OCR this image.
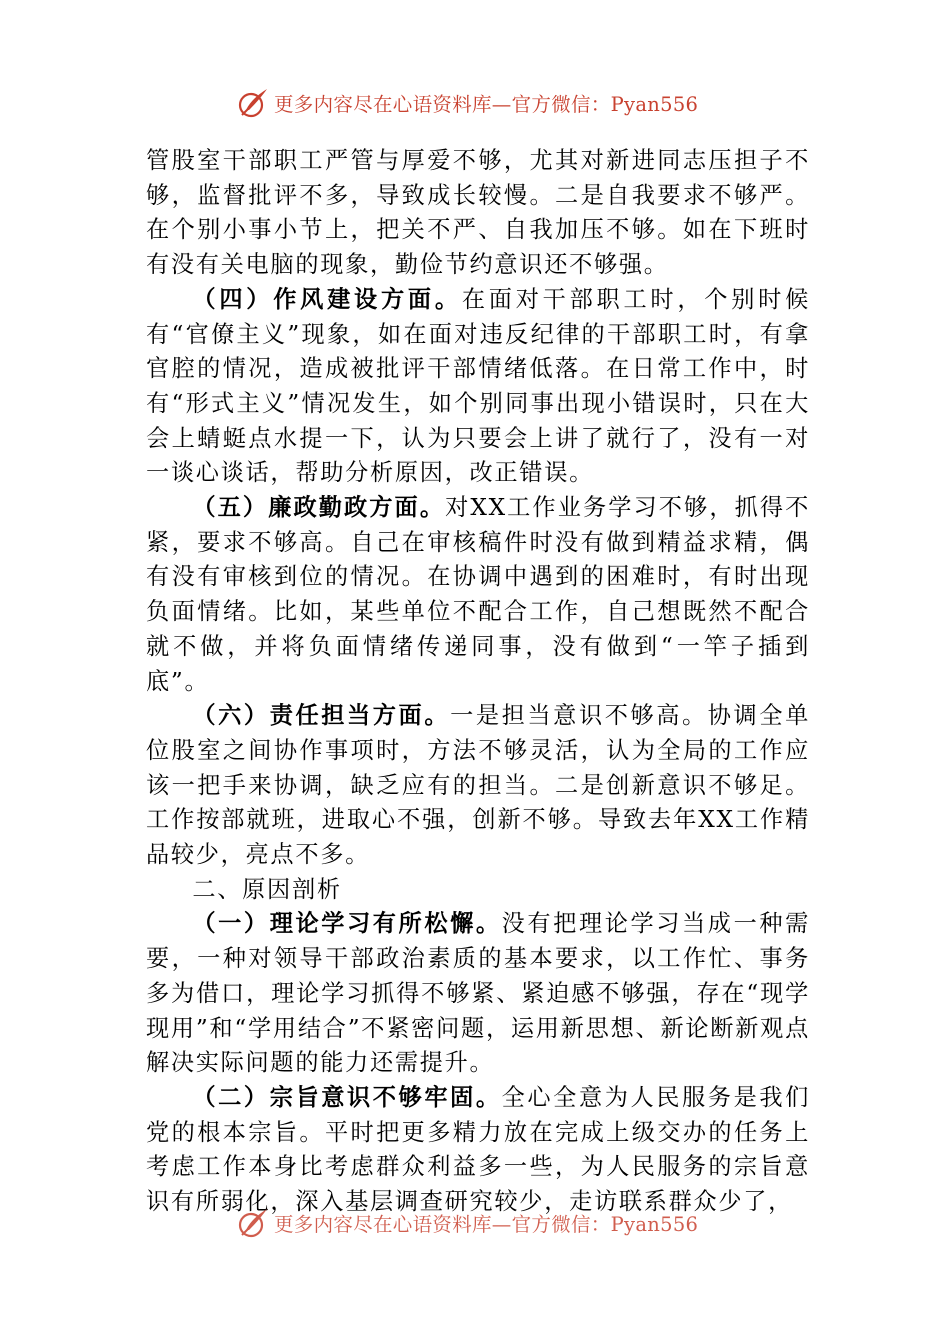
更多内容尽在心语资料库—官方微信：Pyan556

管股室干部职工严管与厚爱不够，尤其对新进同志压担子不够，监督批评不多，导致成长较慢。二是自我要求不够严。在个别小事小节上，把关不严、自我加压不够。如在下班时有没有关电脑的现象，勤俭节约意识还不够强。

（四）作风建设方面。在面对干部职工时，个别时候有“官僚主义”现象，如在面对违反纪律的干部职工时，有拿官腔的情况，造成被批评干部情绪低落。在日常工作中，时有“形式主义”情况发生，如个别同事出现小错误时，只在大会上蜻蜓点水提一下，认为只要会上讲了就行了，没有一对一谈心谈话，帮助分析原因，改正错误。

（五）廉政勤政方面。对XX工作业务学习不够，抓得不紧，要求不够高。自己在审核稿件时没有做到精益求精，偶有没有审核到位的情况。在协调中遇到的困难时，有时出现负面情绪。比如，某些单位不配合工作，自己想既然不配合就不做，并将负面情绪传递同事，没有做到“一竿子插到底”。

（六）责任担当方面。一是担当意识不够高。协调全单位股室之间协作事项时，方法不够灵活，认为全局的工作应该一把手来协调，缺乏应有的担当。二是创新意识不够足。工作按部就班，进取心不强，创新不够。导致去年XX工作精品较少，亮点不多。

二、原因剖析

（一）理论学习有所松懈。没有把理论学习当成一种需要，一种对领导干部政治素质的基本要求，以工作忙、事务多为借口，理论学习抓得不够紧、紧迫感不够强，存在“现学现用”和“学用结合”不紧密问题，运用新思想、新论断新观点解决实际问题的能力还需提升。

（二）宗旨意识不够牢固。全心全意为人民服务是我们党的根本宗旨。平时把更多精力放在完成上级交办的任务上考虑工作本身比考虑群众利益多一些，为人民服务的宗旨意识有所弱化，深入基层调查研究较少，走访联系群众少了，

更多内容尽在心语资料库—官方微信：Pyan556
